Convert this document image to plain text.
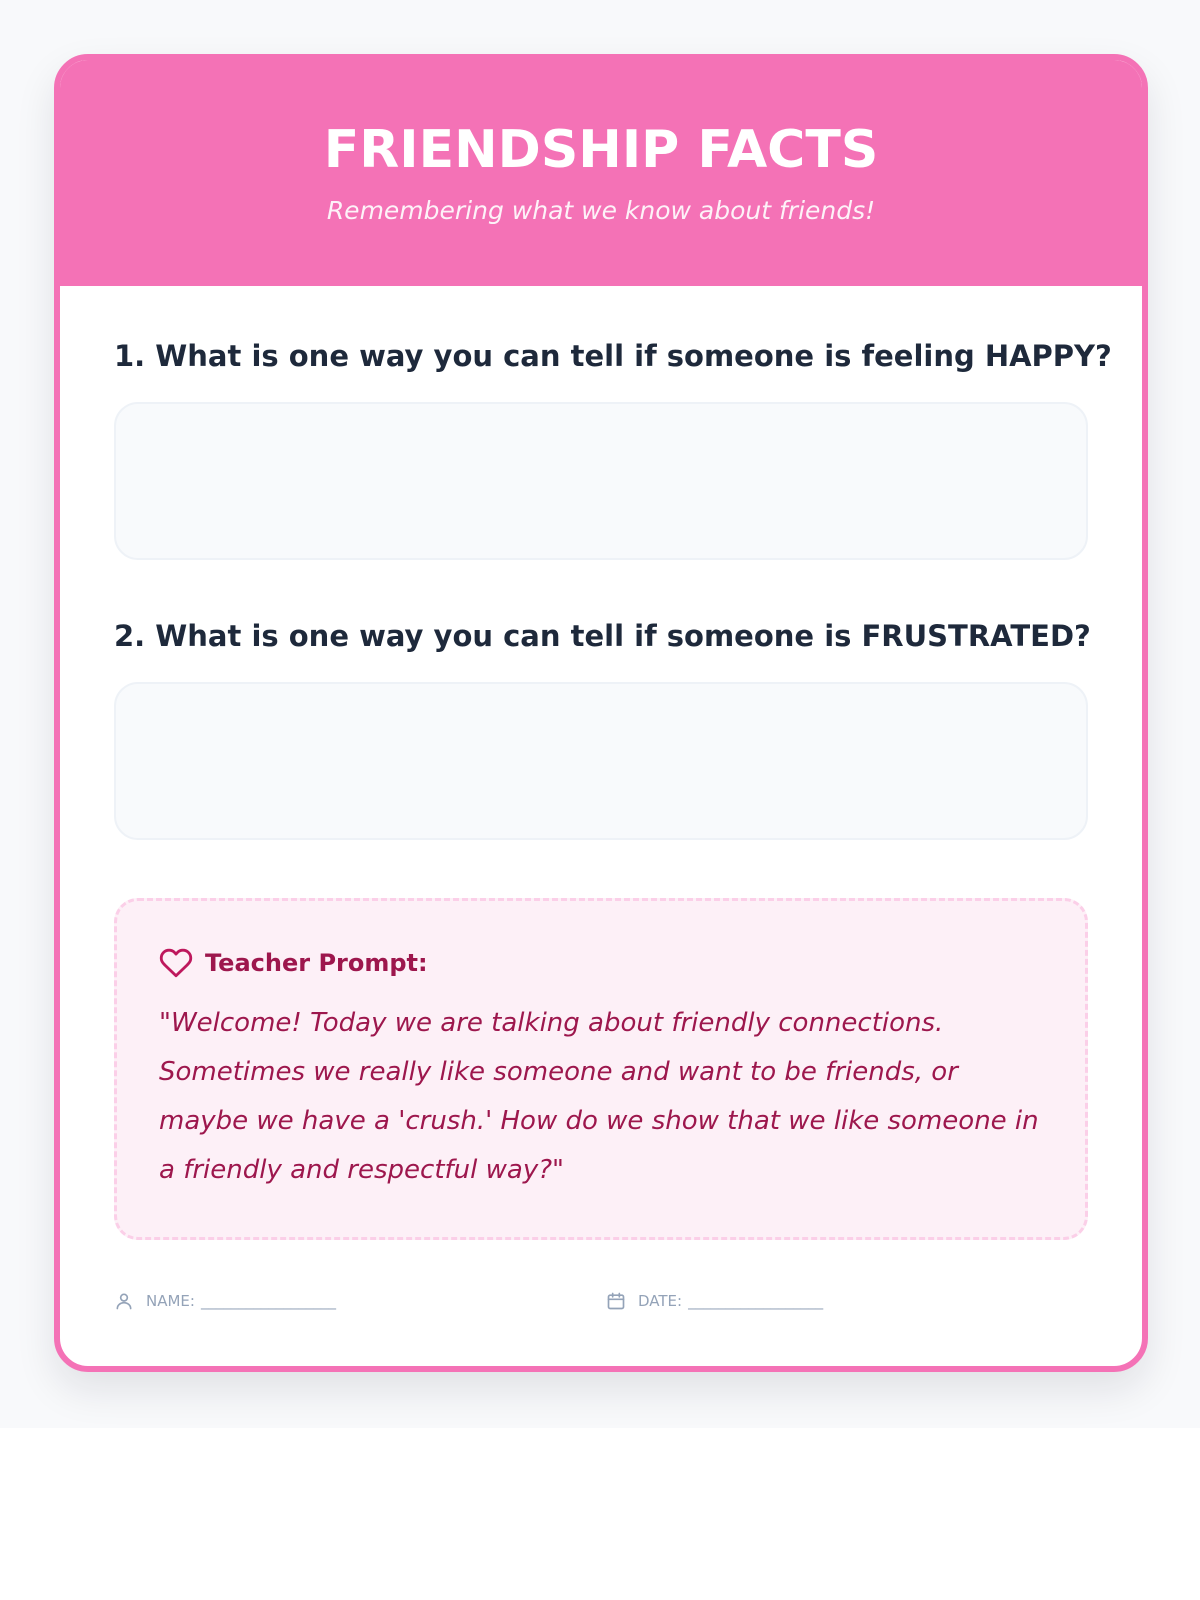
FRIENDSHIP FACTS
Remembering what we know about friends!
1. What is one way you can tell if someone is feeling HAPPY?
2. What is one way you can tell if someone is FRUSTRATED?
Teacher Prompt:
"Welcome! Today we are talking about friendly connections. Sometimes we really like someone and want to be friends, or maybe we have a 'crush.' How do we show that we like someone in a friendly and respectful way?"
NAME: __________________	DATE: __________________
